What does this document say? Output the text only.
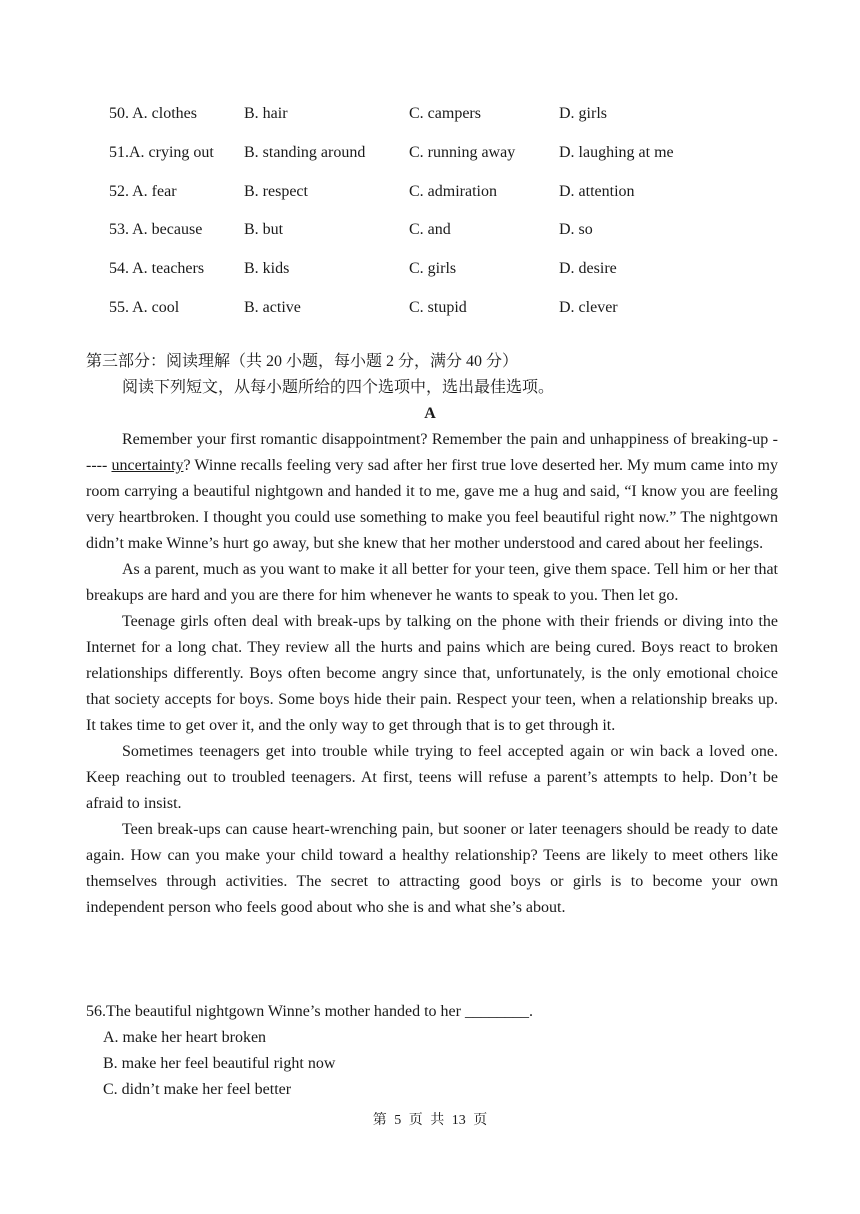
50. A. clothes	B. hair	C. campers	D. girls
51.A. crying out B. standing around	C. running away	D. laughing at me
52. A. fear	B. respect	C. admiration	D. attention
53. A. because	B. but	C. and	D. so
54. A. teachers B. kids	C. girls	D. desire
55. A. cool	B. active	C. stupid	D. clever
第三部分：阅读理解（共 20 小题，每小题 2 分，满分 40 分）
阅读下列短文，从每小题所给的四个选项中，选出最佳选项。
A

Remember your first romantic disappointment? Remember the pain and unhappiness of breaking-up ----- uncertainty? Winne recalls feeling very sad after her first true love deserted her. My mum came into my room carrying a beautiful nightgown and handed it to me, gave me a hug and said, “I know you are feeling very heartbroken. I thought you could use something to make you feel beautiful right now.” The nightgown didn’t make Winne’s hurt go away, but she knew that her mother understood and cared about her feelings.

As a parent, much as you want to make it all better for your teen, give them space. Tell him or her that breakups are hard and you are there for him whenever he wants to speak to you. Then let go.

Teenage girls often deal with break-ups by talking on the phone with their friends or diving into the Internet for a long chat. They review all the hurts and pains which are being cured. Boys react to broken relationships differently. Boys often become angry since that, unfortunately, is the only emotional choice that society accepts for boys. Some boys hide their pain. Respect your teen, when a relationship breaks up. It takes time to get over it, and the only way to get through that is to get through it.

Sometimes teenagers get into trouble while trying to feel accepted again or win back a loved one. Keep reaching out to troubled teenagers. At first, teens will refuse a parent’s attempts to help. Don’t be afraid to insist.

Teen break-ups can cause heart-wrenching pain, but sooner or later teenagers should be ready to date again. How can you make your child toward a healthy relationship? Teens are likely to meet others like themselves through activities. The secret to attracting good boys or girls is to become your own independent person who feels good about who she is and what she’s about.

56.The beautiful nightgown Winne’s mother handed to her ________.
A. make her heart broken
B. make her feel beautiful right now
C. didn’t make her feel better
第 5 页 共 13 页
